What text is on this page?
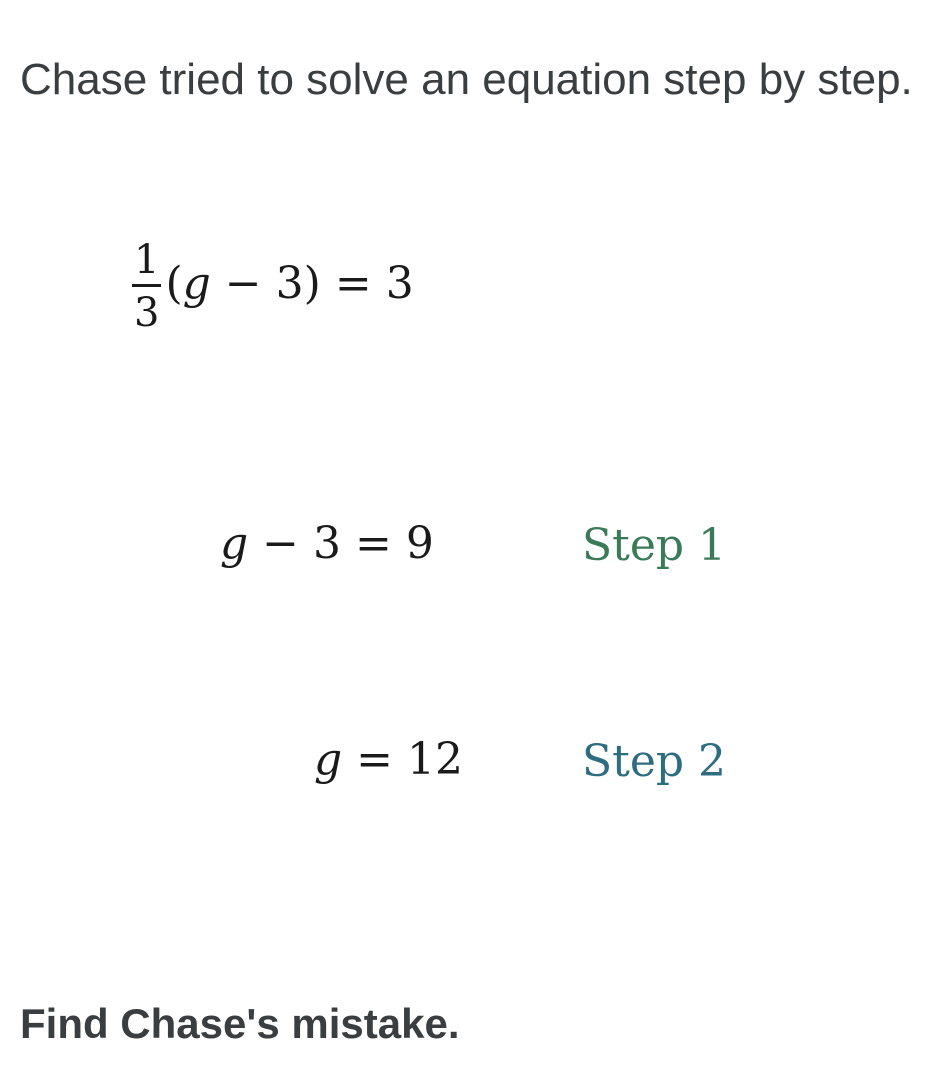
Chase tried to solve an equation step by step.

$\frac{1}{3} (g - 3) = 3$
g − 3 = 9	Step 1
g = 12	Step 2

Find Chase's mistake.
